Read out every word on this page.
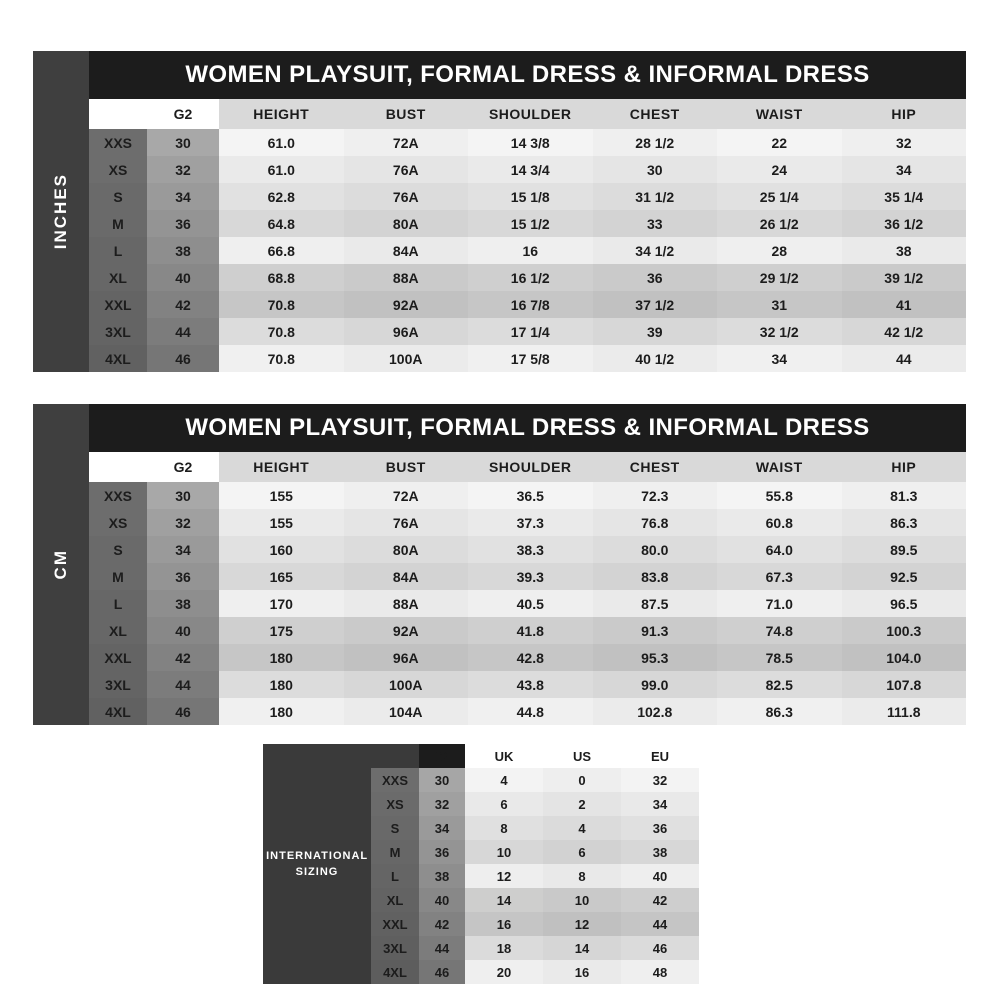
INCHES
WOMEN PLAYSUIT, FORMAL DRESS & INFORMAL DRESS
	G2	HEIGHT	BUST	SHOULDER	CHEST	WAIST	HIP
XXS	30	61.0	72A	14 3/8	28 1/2	22	32
XS	32	61.0	76A	14 3/4	30	24	34
S	34	62.8	76A	15 1/8	31 1/2	25 1/4	35 1/4
M	36	64.8	80A	15 1/2	33	26 1/2	36 1/2
L	38	66.8	84A	16	34 1/2	28	38
XL	40	68.8	88A	16 1/2	36	29 1/2	39 1/2
XXL	42	70.8	92A	16 7/8	37 1/2	31	41
3XL	44	70.8	96A	17 1/4	39	32 1/2	42 1/2
4XL	46	70.8	100A	17 5/8	40 1/2	34	44
CM
WOMEN PLAYSUIT, FORMAL DRESS & INFORMAL DRESS
	G2	HEIGHT	BUST	SHOULDER	CHEST	WAIST	HIP
XXS	30	155	72A	36.5	72.3	55.8	81.3
XS	32	155	76A	37.3	76.8	60.8	86.3
S	34	160	80A	38.3	80.0	64.0	89.5
M	36	165	84A	39.3	83.8	67.3	92.5
L	38	170	88A	40.5	87.5	71.0	96.5
XL	40	175	92A	41.8	91.3	74.8	100.3
XXL	42	180	96A	42.8	95.3	78.5	104.0
3XL	44	180	100A	43.8	99.0	82.5	107.8
4XL	46	180	104A	44.8	102.8	86.3	111.8
INTERNATIONAL SIZING
	G2	UK	US	EU
XXS	30	4	0	32
XS	32	6	2	34
S	34	8	4	36
M	36	10	6	38
L	38	12	8	40
XL	40	14	10	42
XXL	42	16	12	44
3XL	44	18	14	46
4XL	46	20	16	48
